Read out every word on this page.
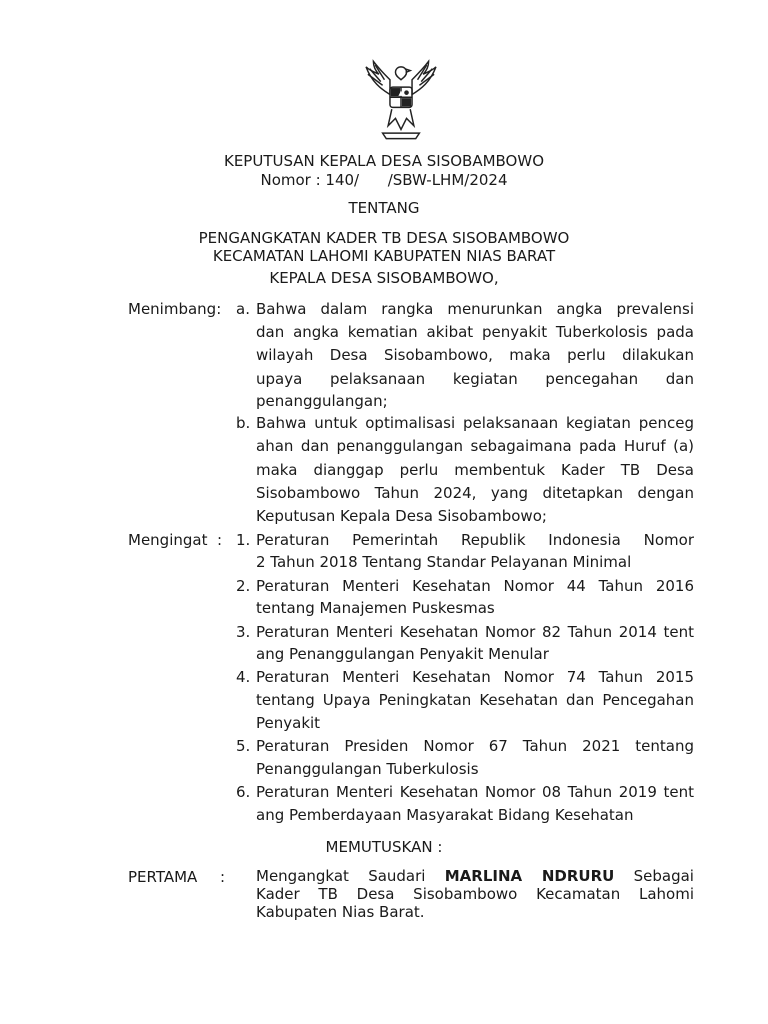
KEPUTUSAN KEPALA DESA SISOBAMBOWO
Nomor : 140/      /SBW-LHM/2024
TENTANG
PENGANGKATAN KADER TB DESA SISOBAMBOWO
KECAMATAN LAHOMI KABUPATEN NIAS BARAT
KEPALA DESA SISOBAMBOWO,
Menimbang: a. Bahwa dalam rangka menurunkan angka prevalensi
dan angka kematian akibat penyakit Tuberkolosis pada
wilayah Desa Sisobambowo, maka perlu dilakukan
upaya pelaksanaan kegiatan pencegahan dan
penanggulangan;
b. Bahwa untuk optimalisasi pelaksanaan kegiatan penceg
ahan dan penanggulangan sebagaimana pada Huruf (a)
maka dianggap perlu membentuk Kader TB Desa
Sisobambowo Tahun 2024, yang ditetapkan dengan
Keputusan Kepala Desa Sisobambowo;
Mengingat : 1. Peraturan Pemerintah Republik Indonesia Nomor
2 Tahun 2018 Tentang Standar Pelayanan Minimal
2. Peraturan Menteri Kesehatan Nomor 44 Tahun 2016
tentang Manajemen Puskesmas
3. Peraturan Menteri Kesehatan Nomor 82 Tahun 2014 tent
ang Penanggulangan Penyakit Menular
4. Peraturan Menteri Kesehatan Nomor 74 Tahun 2015
tentang Upaya Peningkatan Kesehatan dan Pencegahan
Penyakit
5. Peraturan Presiden Nomor 67 Tahun 2021 tentang
Penanggulangan Tuberkulosis
6. Peraturan Menteri Kesehatan Nomor 08 Tahun 2019 tent
ang Pemberdayaan Masyarakat Bidang Kesehatan
MEMUTUSKAN :
PERTAMA : Mengangkat Saudari MARLINA NDRURU Sebagai
Kader TB Desa Sisobambowo Kecamatan Lahomi
Kabupaten Nias Barat.
